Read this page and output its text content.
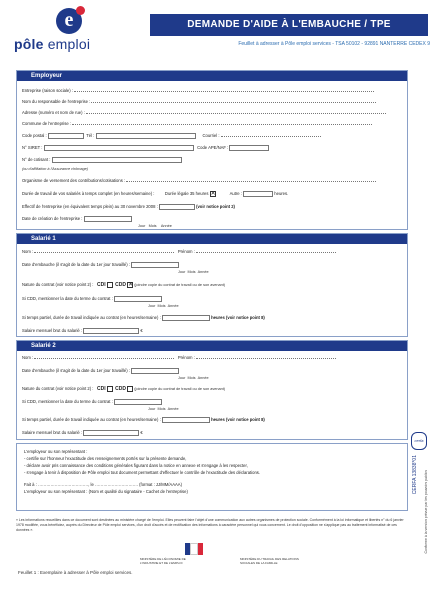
e
pôle emploi
DEMANDE D'AIDE À L'EMBAUCHE / TPE
Feuillet à adresser à Pôle emploi services - TSA 50102 - 92891 NANTERRE CEDEX 9
Employeur
Entreprise (raison sociale) :
Nom du responsable de l'entreprise :
Adresse (numéro et nom de rue) :
Commune de l'entreprise :
Code postal :	Tél :	Courriel :
N° SIRET :	Code APE/NAF :
N° de cotisant :
(ou d'affiliation à l'Assurance chômage)
Organisme de versement des contributions/cotisations :
Durée de travail de vos salariés à temps complet (en heures/semaine) : Durée légale 35 heures ✕	Autre :	heures.
Effectif de l'entreprise (en équivalent temps plein) au 30 novembre 2008 :	(voir notice point 2)
Date de création de l'entreprise :
Jour Mois Année
Salarié 1
Nom :	Prénom :
Date d'embauche (il s'agit de la date du 1er jour travaillé) :
Jour  Mois  Année
Nature du contrat (voir notice point 2) : CDI CDD ✕ (joindre copie du contrat de travail ou de son avenant)
Si CDD, mentionner la date du terme du contrat :
Jour  Mois  Année
Si temps partiel, durée de travail indiquée au contrat (en heures/semaine) :	heures (voir notice point 8)
Salaire mensuel brut du salarié :	€
Salarié 2
Nom :	Prénom :
Date d'embauche (il s'agit de la date du 1er jour travaillé) :
Jour  Mois  Année
Nature du contrat (voir notice point 2) : CDI CDD (joindre copie du contrat de travail ou de son avenant)
Si CDD, mentionner la date du terme du contrat :
Jour  Mois  Année
Si temps partiel, durée de travail indiquée au contrat (en heures/semaine) :	heures (voir notice point 8)
Salaire mensuel brut du salarié :	€
L'employeur ou son représentant :
- certifie sur l'honneur l'exactitude des renseignements portés sur la présente demande,
- déclare avoir pris connaissance des conditions générales figurant dans la notice en annexe et s'engage à les respecter,
- s'engage à tenir à disposition de Pôle emploi tout document permettant d'effectuer le contrôle de l'exactitude des déclarations.
Fait à : ………………………………, le …………………………. (format : JJ/MM/AAAA)
L'employeur ou son représentant : (Nom et qualité du signataire - Cachet de l'entreprise)
« Les informations recueillies dans ce document sont destinées au ministère chargé de l'emploi. Elles peuvent faire l'objet d'une communication aux autres organismes de protection sociale. Conformément à la loi informatique et libertés n° du 6 janvier 1978 modifiée, vous bénéficiez, auprès du Directeur de Pôle emploi services, d'un droit d'accès et de rectification des informations à caractère personnel qui vous concernent. Le droit d'opposition ne s'applique pas au traitement informatisé de ces données ».
MINISTÈRE DE L'ÉCONOMIE DE L'INDUSTRIE ET DE L'EMPLOI
MINISTÈRE DU TRAVAIL DES RELATIONS SOCIALES DE LA FAMILLE
Feuillet 1 : Exemplaire à adresser à Pôle emploi services.
cerfa
CERFA 13838*01 Conforme à la version prévue par les pouvoirs publics
